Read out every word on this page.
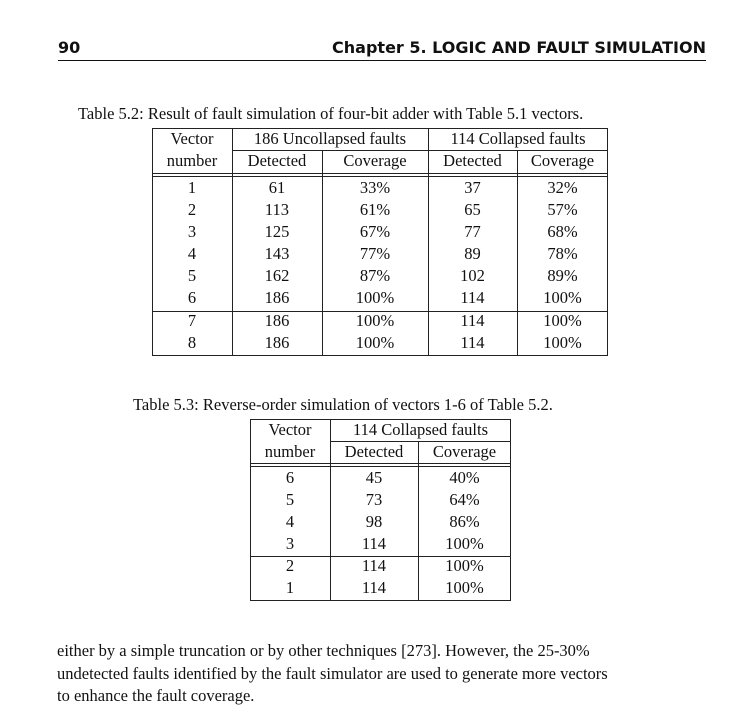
90	Chapter 5. LOGIC AND FAULT SIMULATION
Table 5.2: Result of fault simulation of four-bit adder with Table 5.1 vectors.
Vector	186 Uncollapsed faults	114 Collapsed faults
number	Detected	Coverage	Detected	Coverage
1	61	33%	37	32%
2	113	61%	65	57%
3	125	67%	77	68%
4	143	77%	89	78%
5	162	87%	102	89%
6	186	100%	114	100%
7	186	100%	114	100%
8	186	100%	114	100%
Table 5.3: Reverse-order simulation of vectors 1-6 of Table 5.2.
Vector	114 Collapsed faults
number	Detected	Coverage
6	45	40%
5	73	64%
4	98	86%
3	114	100%
2	114	100%
1	114	100%
either by a simple truncation or by other techniques [273]. However, the 25-30%
undetected faults identified by the fault simulator are used to generate more vectors
to enhance the fault coverage.
